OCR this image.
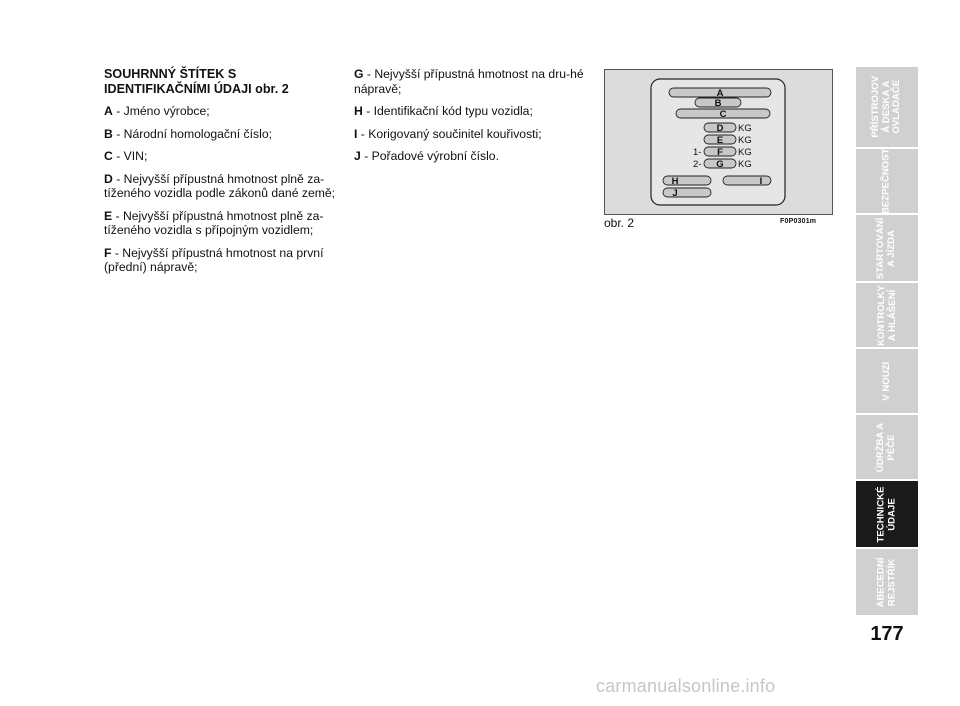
SOUHRNNÝ ŠTÍTEK S IDENTIFIKAČNÍMI ÚDAJI obr. 2

A - Jméno výrobce;

B - Národní homologační číslo;

C - VIN;

D - Nejvyšší přípustná hmotnost plně za-tíženého vozidla podle zákonů dané země;

E - Nejvyšší přípustná hmotnost plně za-tíženého vozidla s přípojným vozidlem;

F - Nejvyšší přípustná hmotnost na první (přední) nápravě;

G - Nejvyšší přípustná hmotnost na dru-hé nápravě;

H - Identifikační kód typu vozidla;

I - Korigovaný součinitel kouřivosti;

J - Pořadové výrobní číslo.

A
B
C
D
E
F
G
H	I
J
KG
KG
KG
KG
1-
2-
obr. 2	F0P0301m
PŘÍSTROJOV
Á DESKA A
OVLADAČE
BEZPEČNOST
STARTOVÁNÍ
A JÍZDA
KONTROLKY
A HLÁŠENÍ
V NOUZI
ÚDRŽBA A
PÉČE
TECHNICKÉ
ÚDAJE
ABECEDNÍ
REJSTŘÍK
177
carmanualsonline.info
